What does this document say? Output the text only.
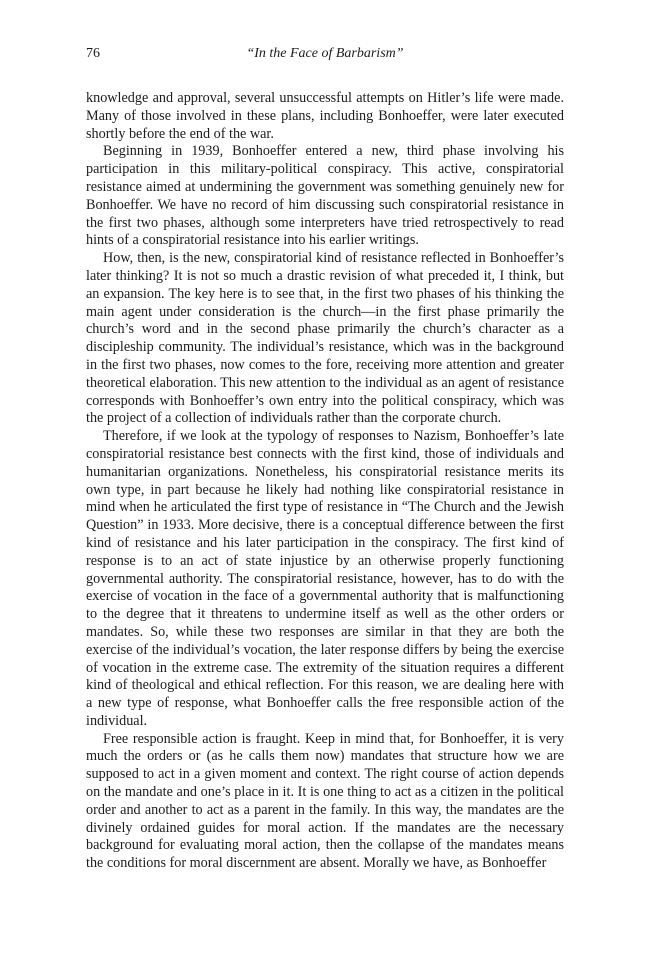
76	“In the Face of Barbarism”

knowledge and approval, several unsuccessful attempts on Hitler’s life were made. Many of those involved in these plans, including Bonhoeffer, were later executed shortly before the end of the war.

Beginning in 1939, Bonhoeffer entered a new, third phase involving his participation in this military-political conspiracy. This active, conspiratorial resistance aimed at undermining the government was something genuinely new for Bonhoeffer. We have no record of him discussing such conspiratorial resistance in the first two phases, although some interpreters have tried retrospectively to read hints of a conspiratorial resistance into his earlier writings.

How, then, is the new, conspiratorial kind of resistance reflected in Bonhoeffer’s later thinking? It is not so much a drastic revision of what preceded it, I think, but an expansion. The key here is to see that, in the first two phases of his thinking the main agent under consideration is the church—in the first phase primarily the church’s word and in the second phase primarily the church’s character as a discipleship community. The individual’s resistance, which was in the background in the first two phases, now comes to the fore, receiving more attention and greater theoretical elaboration. This new attention to the individual as an agent of resistance corresponds with Bonhoeffer’s own entry into the political conspiracy, which was the project of a collection of individuals rather than the corporate church.

Therefore, if we look at the typology of responses to Nazism, Bonhoeffer’s late conspiratorial resistance best connects with the first kind, those of individuals and humanitarian organizations. Nonetheless, his conspiratorial resistance merits its own type, in part because he likely had nothing like conspiratorial resistance in mind when he articulated the first type of resistance in “The Church and the Jewish Question” in 1933. More decisive, there is a conceptual difference between the first kind of resistance and his later participation in the conspiracy. The first kind of response is to an act of state injustice by an otherwise properly functioning governmental authority. The conspiratorial resistance, however, has to do with the exercise of vocation in the face of a governmental authority that is malfunctioning to the degree that it threatens to undermine itself as well as the other orders or mandates. So, while these two responses are similar in that they are both the exercise of the individual’s vocation, the later response differs by being the exercise of vocation in the extreme case. The extremity of the situation requires a different kind of theological and ethical reflection. For this reason, we are dealing here with a new type of response, what Bonhoeffer calls the free responsible action of the individual.

Free responsible action is fraught. Keep in mind that, for Bonhoeffer, it is very much the orders or (as he calls them now) mandates that structure how we are supposed to act in a given moment and context. The right course of action depends on the mandate and one’s place in it. It is one thing to act as a citizen in the political order and another to act as a parent in the family. In this way, the mandates are the divinely ordained guides for moral action. If the mandates are the necessary background for evaluating moral action, then the collapse of the mandates means the conditions for moral discernment are absent. Morally we have, as Bonhoeffer
